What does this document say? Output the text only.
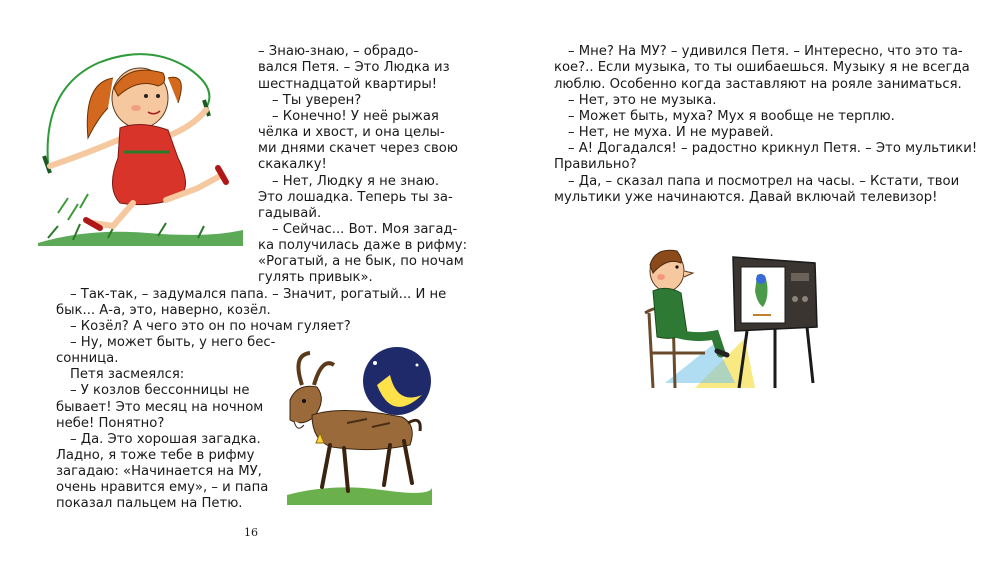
– Знаю-знаю, – обрадо-

вался Петя. – Это Людка из

шестнадцатой квартиры!

– Ты уверен?

– Конечно! У неё рыжая

чёлка и хвост, и она целы-

ми днями скачет через свою

скакалку!

– Нет, Людку я не знаю.

Это лошадка. Теперь ты за-

гадывай.

– Сейчас... Вот. Моя загад-

ка получилась даже в рифму:

«Рогатый, а не бык, по ночам

гулять привык».

– Так-так, – задумался папа. – Значит, рогатый... И не

бык... А-а, это, наверно, козёл.

– Козёл? А чего это он по ночам гуляет?

– Ну, может быть, у него бес-

сонница.

Петя засмеялся:

– У козлов бессонницы не

бывает! Это месяц на ночном

небе! Понятно?

– Да. Это хорошая загадка.

Ладно, я тоже тебе в рифму

загадаю: «Начинается на МУ,

очень нравится ему», – и папа

показал пальцем на Петю.

16

– Мне? На МУ? – удивился Петя. – Интересно, что это та-

кое?.. Если музыка, то ты ошибаешься. Музыку я не всегда

люблю. Особенно когда заставляют на рояле заниматься.

– Нет, это не музыка.

– Может быть, муха? Мух я вообще не терплю.

– Нет, не муха. И не муравей.

– А! Догадался! – радостно крикнул Петя. – Это мультики!

Правильно?

– Да, – сказал папа и посмотрел на часы. – Кстати, твои

мультики уже начинаются. Давай включай телевизор!
